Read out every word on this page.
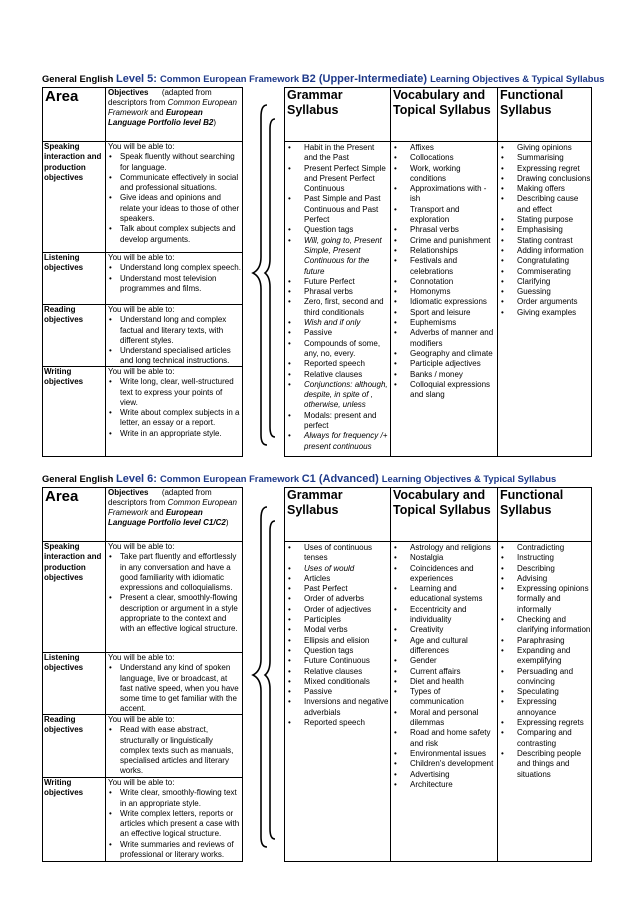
General English Level 5: Common European Framework B2 (Upper-Intermediate) Learning Objectives & Typical Syllabus
Area	Objectives (adapted from descriptors from Common European Framework and European Language Portfolio level B2)
Speaking interaction and production objectives
You will be able to:
• Speak fluently without searching for language.
• Communicate effectively in social and professional situations.
• Give ideas and opinions and relate your ideas to those of other speakers.
• Talk about complex subjects and develop arguments.
Listening objectives
You will be able to:
• Understand long complex speech.
• Understand most television programmes and films.
Reading objectives
You will be able to:
• Understand long and complex factual and literary texts, with different styles.
• Understand specialised articles and long technical instructions.
Writing objectives
You will be able to:
• Write long, clear, well-structured text to express your points of view.
• Write about complex subjects in a letter, an essay or a report.
• Write in an appropriate style.
Grammar Syllabus
• Habit in the Present and the Past
• Present Perfect Simple and Present Perfect Continuous
• Past Simple and Past Continuous and Past Perfect
• Question tags
• Will, going to, Present Simple, Present Continuous for the future
• Future Perfect
• Phrasal verbs
• Zero, first, second and third conditionals
• Wish and if only
• Passive
• Compounds of some, any, no, every.
• Reported speech
• Relative clauses
• Conjunctions: although, despite, in spite of , otherwise, unless
• Modals: present and perfect
• Always for frequency /+ present continuous
Vocabulary and Topical Syllabus
• Affixes
• Collocations
• Work, working conditions
• Approximations with -ish
• Transport and exploration
• Phrasal verbs
• Crime and punishment
• Relationships
• Festivals and celebrations
• Connotation
• Homonyms
• Idiomatic expressions
• Sport and leisure
• Euphemisms
• Adverbs of manner and modifiers
• Geography and climate
• Participle adjectives
• Banks / money
• Colloquial expressions and slang
Functional Syllabus
• Giving opinions
• Summarising
• Expressing regret
• Drawing conclusions
• Making offers
• Describing cause and effect
• Stating purpose
• Emphasising
• Stating contrast
• Adding information
• Congratulating
• Commiserating
• Clarifying
• Guessing
• Order arguments
• Giving examples
General English Level 6: Common European Framework C1 (Advanced) Learning Objectives & Typical Syllabus
Area	Objectives (adapted from descriptors from Common European Framework and European Language Portfolio level C1/C2)
Speaking interaction and production objectives
You will be able to:
• Take part fluently and effortlessly in any conversation and have a good familiarity with idiomatic expressions and colloquialisms.
• Present a clear, smoothly-flowing description or argument in a style appropriate to the context and with an effective logical structure.
Listening objectives
You will be able to:
• Understand any kind of spoken language, live or broadcast, at fast native speed, when you have some time to get familiar with the accent.
Reading objectives
You will be able to:
• Read with ease abstract, structurally or linguistically complex texts such as manuals, specialised articles and literary works.
Writing objectives
You will be able to:
• Write clear, smoothly-flowing text in an appropriate style.
• Write complex letters, reports or articles which present a case with an effective logical structure.
• Write summaries and reviews of professional or literary works.
Grammar Syllabus
• Uses of continuous tenses
• Uses of would
• Articles
• Past Perfect
• Order of adverbs
• Order of adjectives
• Participles
• Modal verbs
• Ellipsis and elision
• Question tags
• Future Continuous
• Relative clauses
• Mixed conditionals
• Passive
• Inversions and negative adverbials
• Reported speech
Vocabulary and Topical Syllabus
• Astrology and religions
• Nostalgia
• Coincidences and experiences
• Learning and educational systems
• Eccentricity and individuality
• Creativity
• Age and cultural differences
• Gender
• Current affairs
• Diet and health
• Types of communication
• Moral and personal dilemmas
• Road and home safety and risk
• Environmental issues
• Children's development
• Advertising
• Architecture
Functional Syllabus
• Contradicting
• Instructing
• Describing
• Advising
• Expressing opinions formally and informally
• Checking and clarifying information
• Paraphrasing
• Expanding and exemplifying
• Persuading and convincing
• Speculating
• Expressing annoyance
• Expressing regrets
• Comparing and contrasting
• Describing people and things and situations
